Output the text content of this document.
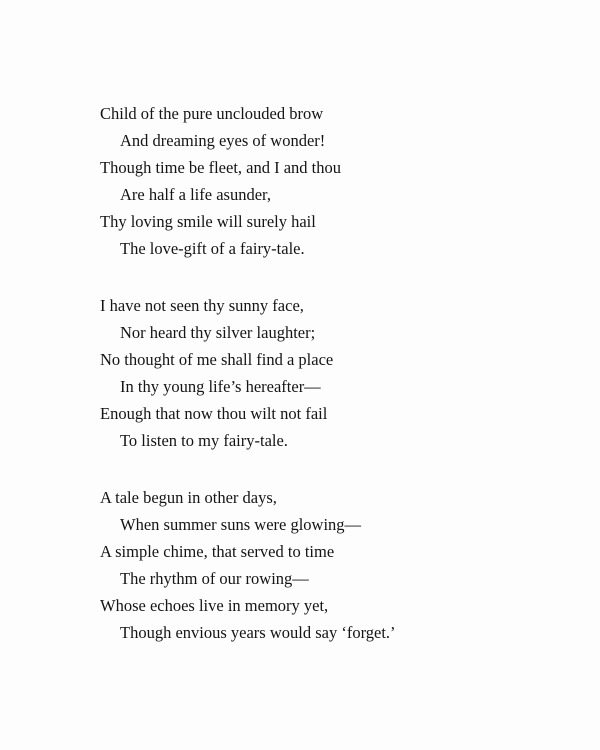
Child of the pure unclouded brow
And dreaming eyes of wonder!
Though time be fleet, and I and thou
Are half a life asunder,
Thy loving smile will surely hail
The love-gift of a fairy-tale.
I have not seen thy sunny face,
Nor heard thy silver laughter;
No thought of me shall find a place
In thy young life’s hereafter—
Enough that now thou wilt not fail
To listen to my fairy-tale.
A tale begun in other days,
When summer suns were glowing—
A simple chime, that served to time
The rhythm of our rowing—
Whose echoes live in memory yet,
Though envious years would say ‘forget.’
